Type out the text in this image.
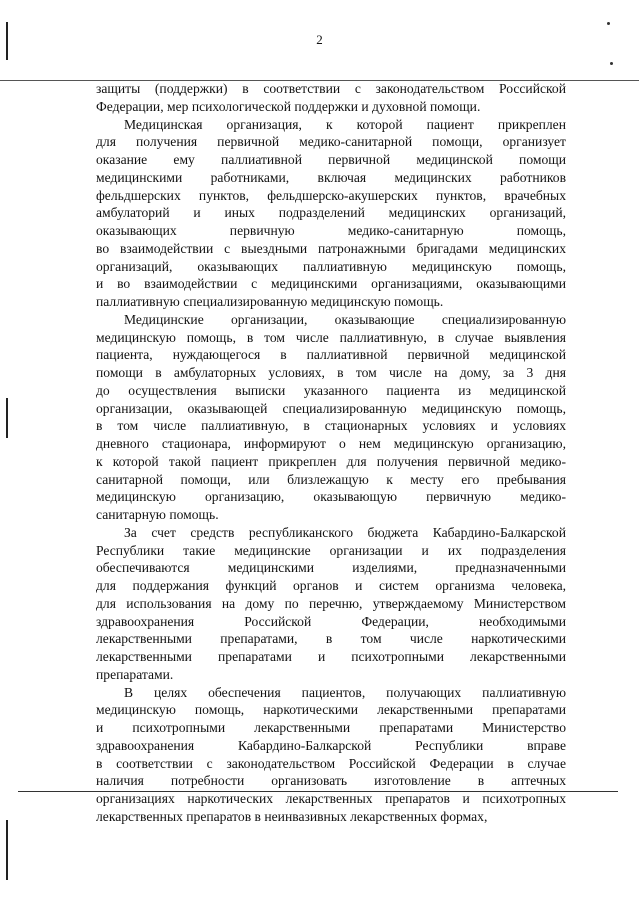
2
защиты (поддержки) в соответствии с законодательством Российской
Федерации, мер психологической поддержки и духовной помощи.
Медицинская организация, к которой пациент прикреплен
для получения первичной медико-санитарной помощи, организует
оказание ему паллиативной первичной медицинской помощи
медицинскими работниками, включая медицинских работников
фельдшерских пунктов, фельдшерско-акушерских пунктов, врачебных
амбулаторий и иных подразделений медицинских организаций,
оказывающих первичную медико-санитарную помощь,
во взаимодействии с выездными патронажными бригадами медицинских
организаций, оказывающих паллиативную медицинскую помощь,
и во взаимодействии с медицинскими организациями, оказывающими
паллиативную специализированную медицинскую помощь.
Медицинские организации, оказывающие специализированную
медицинскую помощь, в том числе паллиативную, в случае выявления
пациента, нуждающегося в паллиативной первичной медицинской
помощи в амбулаторных условиях, в том числе на дому, за 3 дня
до осуществления выписки указанного пациента из медицинской
организации, оказывающей специализированную медицинскую помощь,
в том числе паллиативную, в стационарных условиях и условиях
дневного стационара, информируют о нем медицинскую организацию,
к которой такой пациент прикреплен для получения первичной медико-
санитарной помощи, или близлежащую к месту его пребывания
медицинскую организацию, оказывающую первичную медико-
санитарную помощь.
За счет средств республиканского бюджета Кабардино-Балкарской
Республики такие медицинские организации и их подразделения
обеспечиваются медицинскими изделиями, предназначенными
для поддержания функций органов и систем организма человека,
для использования на дому по перечню, утверждаемому Министерством
здравоохранения Российской Федерации, необходимыми
лекарственными препаратами, в том числе наркотическими
лекарственными препаратами и психотропными лекарственными
препаратами.
В целях обеспечения пациентов, получающих паллиативную
медицинскую помощь, наркотическими лекарственными препаратами
и психотропными лекарственными препаратами Министерство
здравоохранения Кабардино-Балкарской Республики вправе
в соответствии с законодательством Российской Федерации в случае
наличия потребности организовать изготовление в аптечных
организациях наркотических лекарственных препаратов и психотропных
лекарственных препаратов в неинвазивных лекарственных формах,
